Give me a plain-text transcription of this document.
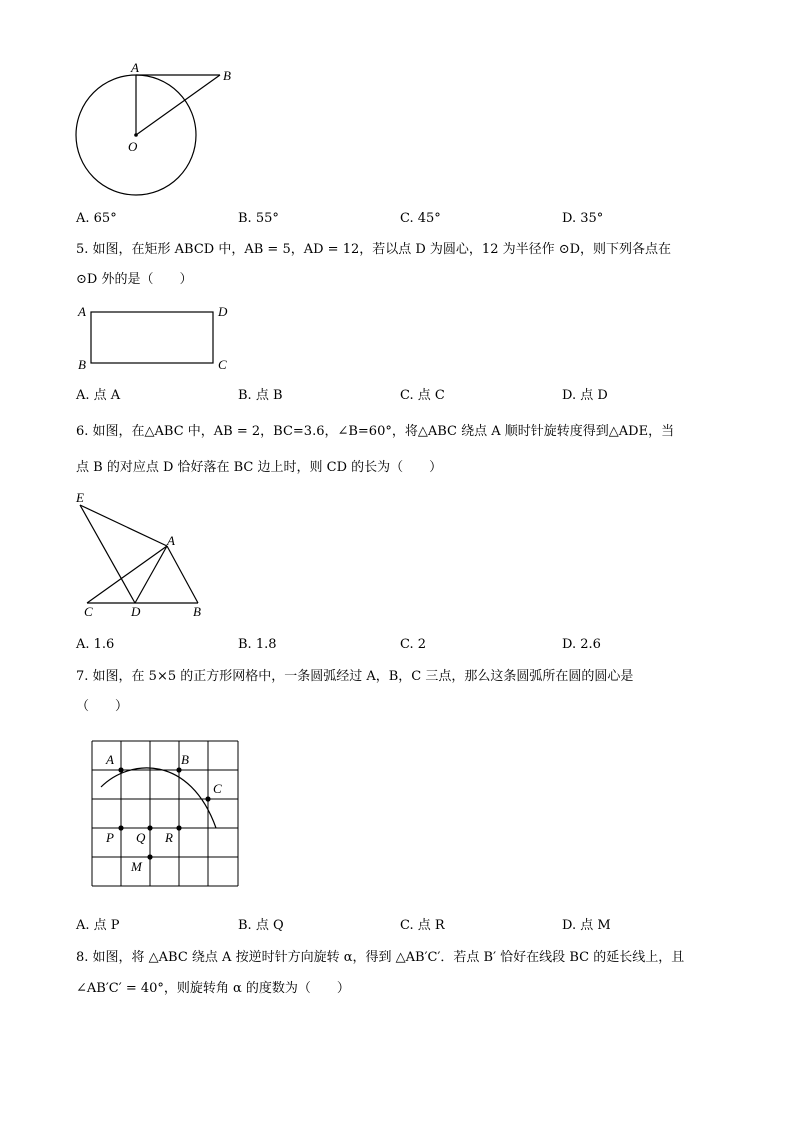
A
B
O
A. 65°	B. 55°	C. 45°	D. 35°
5. 如图，在矩形 ABCD 中，AB = 5，AD = 12，若以点 D 为圆心，12 为半径作 ⊙D，则下列各点在
⊙D 外的是（　　）
A	D
B	C
A. 点 A	B. 点 B	C. 点 C	D. 点 D
6. 如图，在△ABC 中，AB = 2，BC=3.6，∠B=60°，将△ABC 绕点 A 顺时针旋转度得到△ADE，当
点 B 的对应点 D 恰好落在 BC 边上时，则 CD 的长为（　　）
E
A
C	D	B
A. 1.6	B. 1.8	C. 2	D. 2.6
7. 如图，在 5×5 的正方形网格中，一条圆弧经过 A，B，C 三点，那么这条圆弧所在圆的圆心是
（　　）
A	B
C
P Q R
M
A. 点 P	B. 点 Q	C. 点 R	D. 点 M
8. 如图，将 △ABC 绕点 A 按逆时针方向旋转 α，得到 △AB′C′．若点 B′ 恰好在线段 BC 的延长线上，且
∠AB′C′ = 40°，则旋转角 α 的度数为（　　）
